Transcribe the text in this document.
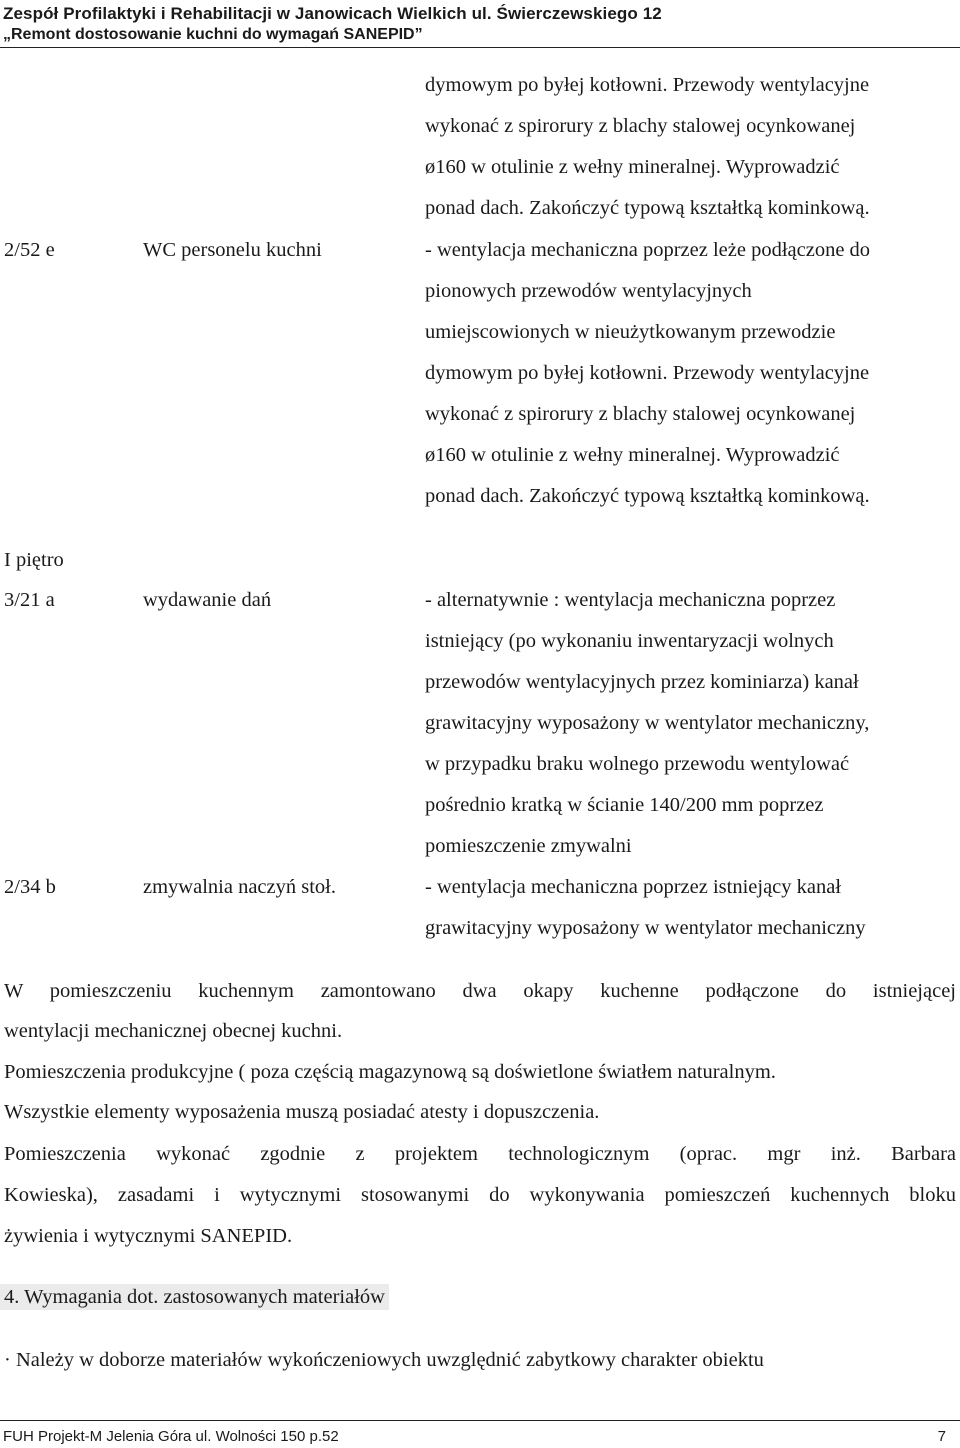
Zespół Profilaktyki i Rehabilitacji w Janowicach Wielkich ul. Świerczewskiego 12
„Remont dostosowanie kuchni do wymagań SANEPID”
dymowym po byłej kotłowni. Przewody wentylacyjne
wykonać z spirorury z blachy stalowej ocynkowanej
ø160 w otulinie z wełny mineralnej. Wyprowadzić
ponad dach. Zakończyć typową kształtką kominkową.
2/52 e	WC personelu kuchni	- wentylacja mechaniczna poprzez leże podłączone do
pionowych przewodów wentylacyjnych
umiejscowionych w nieużytkowanym przewodzie
dymowym po byłej kotłowni. Przewody wentylacyjne
wykonać z spirorury z blachy stalowej ocynkowanej
ø160 w otulinie z wełny mineralnej. Wyprowadzić
ponad dach. Zakończyć typową kształtką kominkową.
I piętro
3/21 a	wydawanie dań	- alternatywnie : wentylacja mechaniczna poprzez
istniejący (po wykonaniu inwentaryzacji wolnych
przewodów wentylacyjnych przez kominiarza) kanał
grawitacyjny wyposażony w wentylator mechaniczny,
w przypadku braku wolnego przewodu wentylować
pośrednio kratką w ścianie 140/200 mm poprzez
pomieszczenie zmywalni
2/34 b	zmywalnia naczyń stoł.	- wentylacja mechaniczna poprzez istniejący kanał
grawitacyjny wyposażony w wentylator mechaniczny
W pomieszczeniu kuchennym zamontowano dwa okapy kuchenne podłączone do istniejącej
wentylacji mechanicznej obecnej kuchni.
Pomieszczenia produkcyjne ( poza częścią magazynową są doświetlone światłem naturalnym.
Wszystkie elementy wyposażenia muszą posiadać atesty i dopuszczenia.
Pomieszczenia wykonać zgodnie z projektem technologicznym (oprac. mgr inż. Barbara
Kowieska), zasadami i wytycznymi stosowanymi do wykonywania pomieszczeń kuchennych bloku
żywienia i wytycznymi SANEPID.
4. Wymagania dot. zastosowanych materiałów
· Należy w doborze materiałów wykończeniowych uwzględnić zabytkowy charakter obiektu
FUH Projekt-M Jelenia Góra ul. Wolności 150 p.52	7
